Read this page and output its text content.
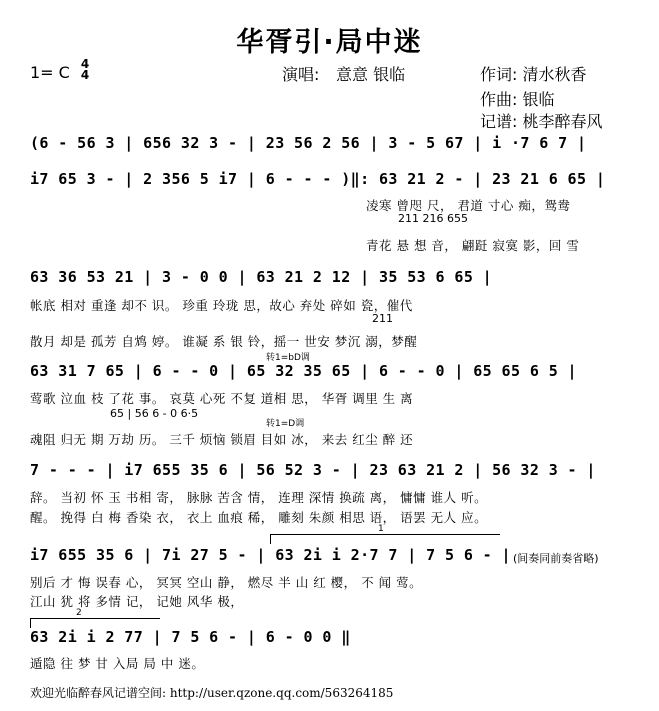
华胥引·局中迷
1= C 4
4	演唱: 意意 银临	作词: 清水秋香
作曲: 银临
记谱: 桃李醉春风
(6 - 56 3 | 656 32 3 - | 23 56 2 56 | 3 - 5 67 | i ·7 6 7 |
i7 65 3 - | 2 356 5 i7 | 6 - - - )‖: 63 21 2 - | 23 21 6 65 |
凌寒 曾咫 尺， 君道 寸心 痴，鸳鸯
211 216 655
青花 悬 想 音， 翩跹 寂寞 影，回 雪
63 36 53 21 | 3 - 0 0 | 63 21 2 12 | 35 53 6 65 |
帐底 相对 重逢 却不 识。 珍重 玲珑 思，故心 弃处 碎如 瓷，催代
211
散月 却是 孤芳 自鸩 婷。 谁凝 系 银 铃，摇一 世安 梦沉 溺，梦醒
转1=bD调
63 31 7 65 | 6 - - 0 | 65 32 35 65 | 6 - - 0 | 65 65 6 5 |
莺歌 泣血 枝 了花 事。 哀莫 心死 不复 道相 思， 华胥 调里 生 离
65 | 56 6 - 0 6·5
转1=D调
魂阻 归无 期 万劫 历。 三千 烦恼 锁眉 目如 冰， 来去 红尘 醉 还
7 - - - | i7 655 35 6 | 56 52 3 - | 23 63 21 2 | 56 32 3 - |
辞。 当初 怀 玉 书相 寄， 脉脉 苦含 情， 连理 深情 换疏 离， 慵慵 谁人 听。
醒。 挽得 白 梅 香染 衣， 衣上 血痕 稀， 雕刻 朱颜 相思 语， 语罢 无人 应。
1
i7 655 35 6 | 7i 27 5 - | 63 2i i 2·7 7 | 7 5 6 - | (间奏同前奏省略)
别后 才 悔 误春 心， 冥冥 空山 静， 燃尽 半 山 红 樱， 不 闻 莺。
江山 犹 将 多情 记， 记她 风华 极，
2
63 2i i 2 77 | 7 5 6 - | 6 - 0 0 ‖
遁隐 往 梦 甘 入局 局 中 迷。
欢迎光临醉春风记谱空间: http://user.qzone.qq.com/563264185
